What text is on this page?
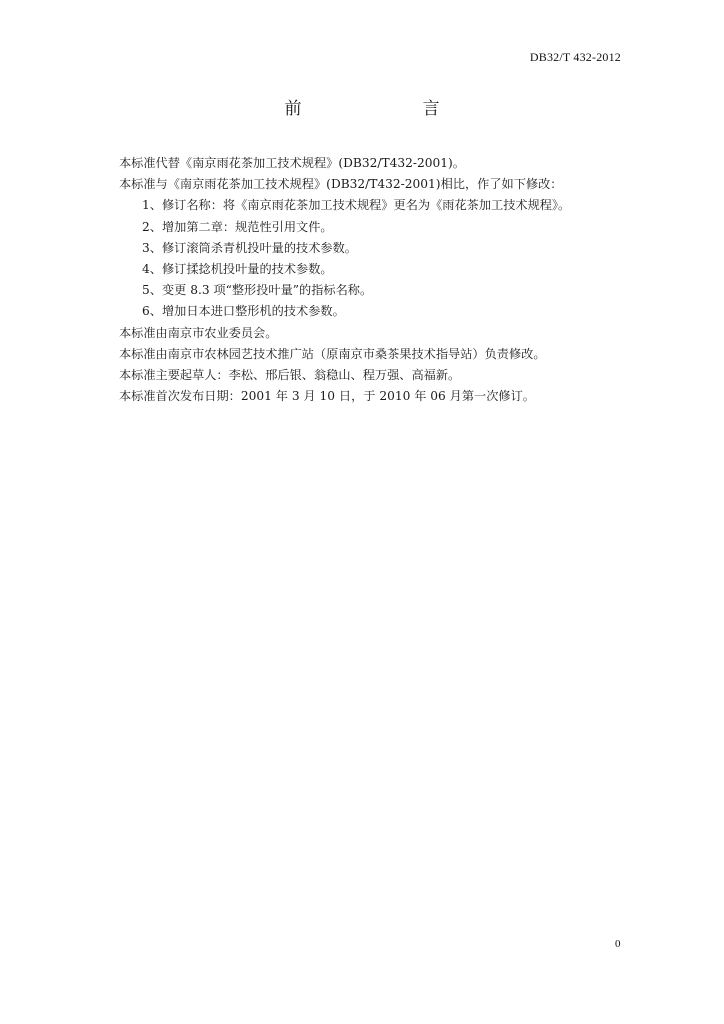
DB32/T 432-2012
前　言
本标准代替《南京雨花茶加工技术规程》(DB32/T432-2001)。
本标准与《南京雨花茶加工技术规程》(DB32/T432-2001)相比，作了如下修改：
1、修订名称：将《南京雨花茶加工技术规程》更名为《雨花茶加工技术规程》。
2、增加第二章：规范性引用文件。
3、修订滚筒杀青机投叶量的技术参数。
4、修订揉捻机投叶量的技术参数。
5、变更 8.3 项“整形投叶量”的指标名称。
6、增加日本进口整形机的技术参数。
本标准由南京市农业委员会。
本标准由南京市农林园艺技术推广站（原南京市桑茶果技术指导站）负责修改。
本标准主要起草人：李松、邢后银、翁稳山、程万强、高福新。
本标准首次发布日期：2001 年 3 月 10 日，于 2010 年 06 月第一次修订。
0
